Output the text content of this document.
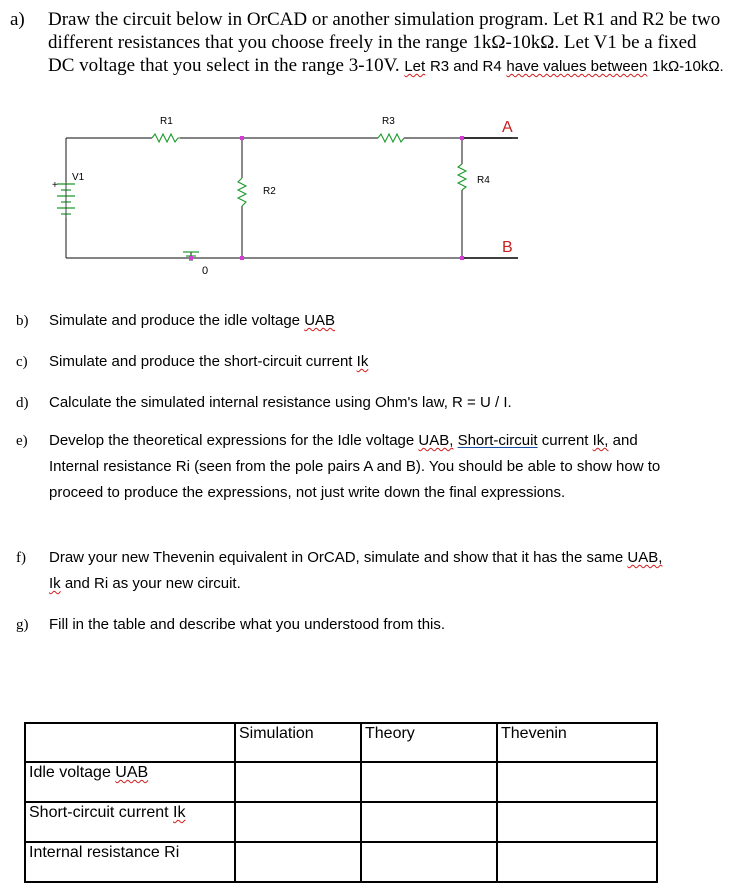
a) Draw the circuit below in OrCAD or another simulation program. Let R1 and R2 be two different resistances that you choose freely in the range 1kΩ-10kΩ. Let V1 be a fixed DC voltage that you select in the range 3-10V. Let R3 and R4 have values between 1kΩ-10kΩ.
R1	R3
R2
R4
V1
+
0
A
B
b) Simulate and produce the idle voltage UAB
c) Simulate and produce the short-circuit current Ik
d) Calculate the simulated internal resistance using Ohm's law, R = U / I.
e) Develop the theoretical expressions for the Idle voltage UAB, Short-circuit current Ik, and Internal resistance Ri (seen from the pole pairs A and B). You should be able to show how to proceed to produce the expressions, not just write down the final expressions.
f) Draw your new Thevenin equivalent in OrCAD, simulate and show that it has the same UAB, Ik and Ri as your new circuit.
g) Fill in the table and describe what you understood from this.
	Simulation	Theory	Thevenin
Idle voltage UAB			
Short-circuit current Ik			
Internal resistance Ri			
